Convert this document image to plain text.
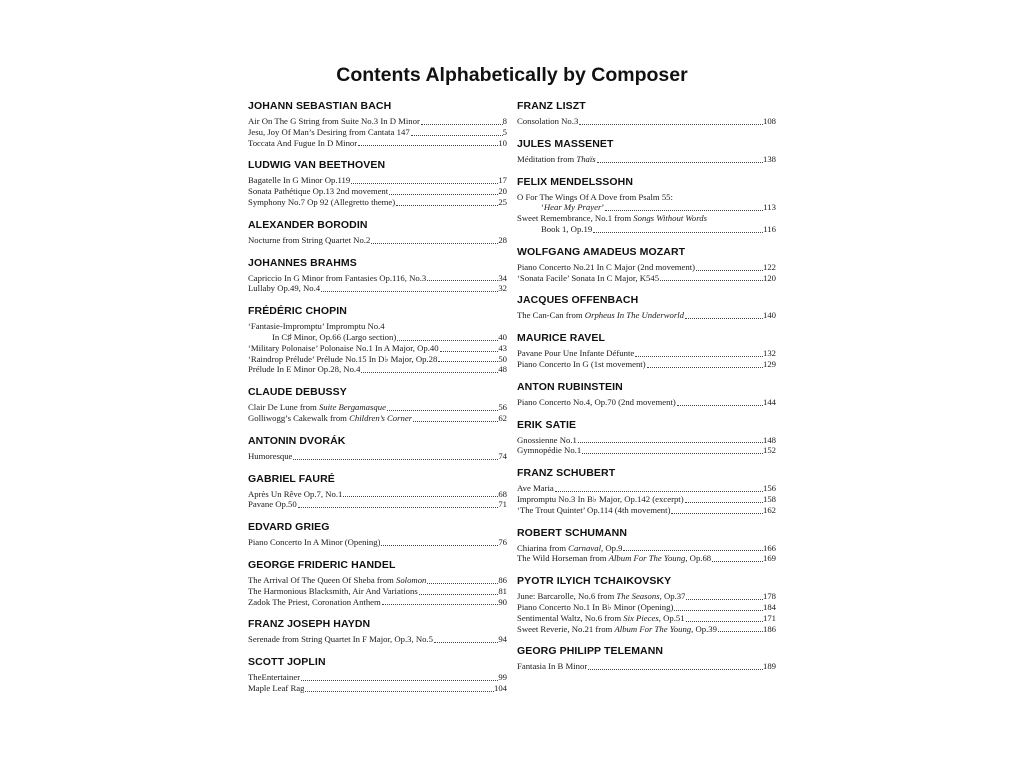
Contents Alphabetically by Composer
JOHANN SEBASTIAN BACH
Air On The G String from Suite No.3 In D Minor	8
Jesu, Joy Of Man’s Desiring from Cantata 147	5
Toccata And Fugue In D Minor	10
LUDWIG VAN BEETHOVEN
Bagatelle In G Minor Op.119	17
Sonata Pathétique Op.13 2nd movement	20
Symphony No.7 Op 92 (Allegretto theme)	25
ALEXANDER BORODIN
Nocturne from String Quartet No.2	28
JOHANNES BRAHMS
Capriccio In G Minor from Fantasies Op.116, No.3	34
Lullaby Op.49, No.4	32
FRÉDÉRIC CHOPIN
‘Fantasie-Impromptu’ Impromptu No.4
In C♯ Minor, Op.66 (Largo section)	40
‘Military Polonaise’ Polonaise No.1 In A Major, Op.40	43
‘Raindrop Prélude’ Prélude No.15 In D♭ Major, Op.28	50
Prélude In E Minor Op.28, No.4	48
CLAUDE DEBUSSY
Clair De Lune from Suite Bergamasque	56
Golliwogg’s Cakewalk from Children’s Corner	62
ANTONIN DVORÁK
Humoresque	74
GABRIEL FAURÉ
Après Un Rêve Op.7, No.1	68
Pavane Op.50	71
EDVARD GRIEG
Piano Concerto In A Minor (Opening)	76
GEORGE FRIDERIC HANDEL
The Arrival Of The Queen Of Sheba from Solomon	86
The Harmonious Blacksmith, Air And Variations	81
Zadok The Priest, Coronation Anthem	90
FRANZ JOSEPH HAYDN
Serenade from String Quartet In F Major, Op.3, No.5	94
SCOTT JOPLIN
TheEntertainer	99
Maple Leaf Rag	104
FRANZ LISZT
Consolation No.3	108
JULES MASSENET
Méditation from Thaïs	138
FELIX MENDELSSOHN
O For The Wings Of A Dove from Psalm 55:
‘Hear My Prayer’	113
Sweet Remembrance, No.1 from Songs Without Words
Book 1, Op.19	116
WOLFGANG AMADEUS MOZART
Piano Concerto No.21 In C Major (2nd movement)	122
‘Sonata Facile’ Sonata In C Major, K545	120
JACQUES OFFENBACH
The Can-Can from Orpheus In The Underworld	140
MAURICE RAVEL
Pavane Pour Une Infante Défunte	132
Piano Concerto In G (1st movement)	129
ANTON RUBINSTEIN
Piano Concerto No.4, Op.70 (2nd movement)	144
ERIK SATIE
Gnossienne No.1	148
Gymnopédie No.1	152
FRANZ SCHUBERT
Ave Maria	156
Impromptu No.3 In B♭ Major, Op.142 (excerpt)	158
‘The Trout Quintet’ Op.114 (4th movement)	162
ROBERT SCHUMANN
Chiarina from Carnaval, Op.9	166
The Wild Horseman from Album For The Young, Op.68	169
PYOTR ILYICH TCHAIKOVSKY
June: Barcarolle, No.6 from The Seasons, Op.37	178
Piano Concerto No.1 In B♭ Minor (Opening)	184
Sentimental Waltz, No.6 from Six Pieces, Op.51	171
Sweet Reverie, No.21 from Album For The Young, Op.39	186
GEORG PHILIPP TELEMANN
Fantasia In B Minor	189
